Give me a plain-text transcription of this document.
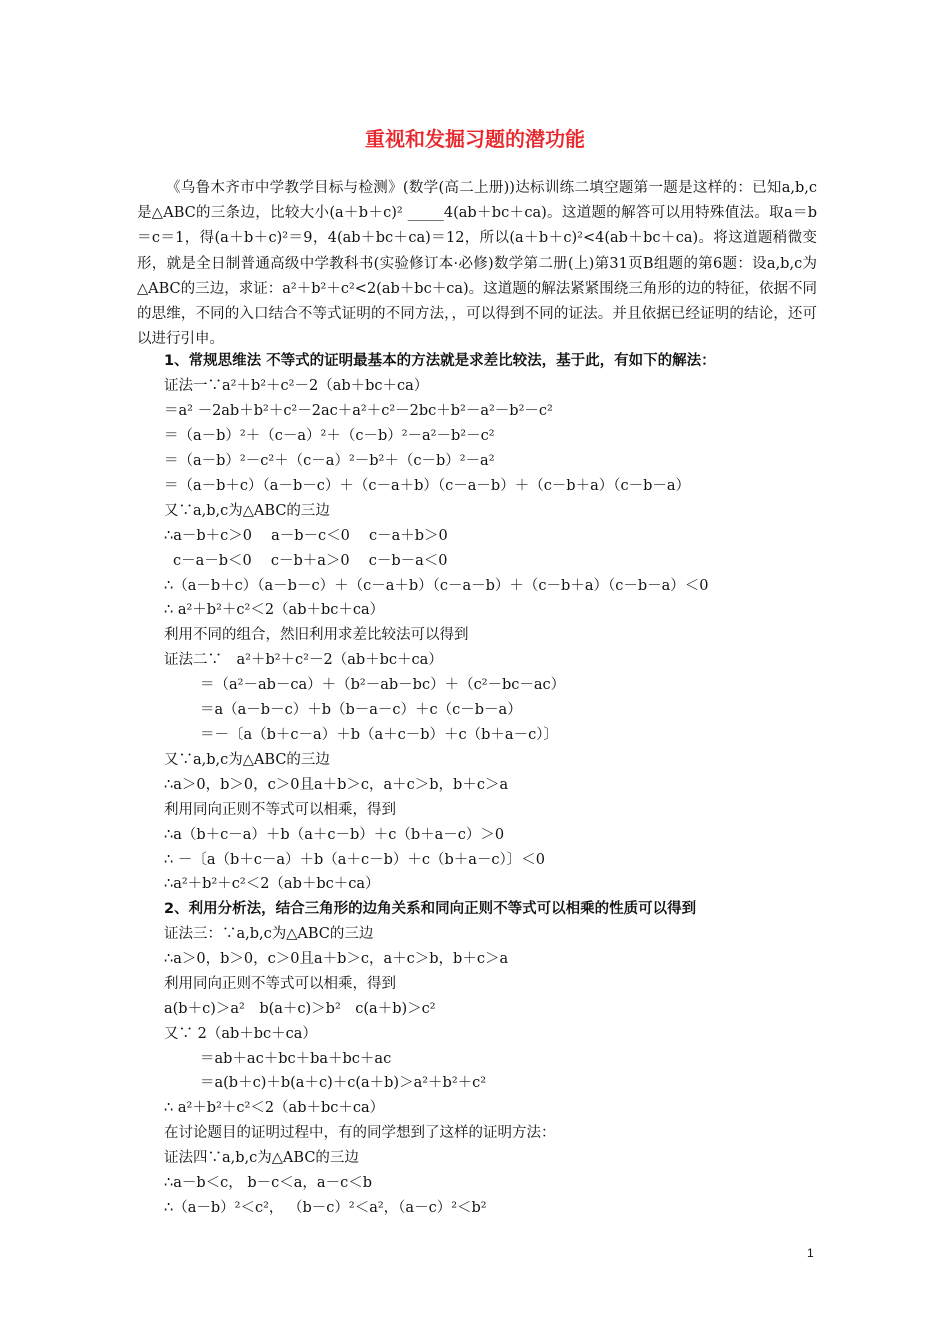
重视和发掘习题的潜功能

《乌鲁木齐市中学教学目标与检测》(数学(高二上册))达标训练二填空题第一题是这样的：已知a,b,c是△ABC的三条边，比较大小(a＋b＋c)² _____4(ab＋bc＋ca)。这道题的解答可以用特殊值法。取a＝b＝c＝1，得(a＋b＋c)²＝9，4(ab＋bc＋ca)＝12，所以(a＋b＋c)²<4(ab＋bc＋ca)。将这道题稍微变形，就是全日制普通高级中学教科书(实验修订本·必修)数学第二册(上)第31页B组题的第6题：设a,b,c为△ABC的三边，求证：a²＋b²＋c²<2(ab＋bc＋ca)。这道题的解法紧紧围绕三角形的边的特征，依据不同的思维，不同的入口结合不等式证明的不同方法，，可以得到不同的证法。并且依据已经证明的结论，还可以进行引申。

1、常规思维法 不等式的证明最基本的方法就是求差比较法，基于此，有如下的解法：
证法一∵a²＋b²＋c²－2（ab＋bc＋ca）
＝a² －2ab＋b²＋c²－2ac＋a²＋c²－2bc＋b²－a²－b²－c²
＝（a－b）²＋（c－a）²＋（c－b）²－a²－b²－c²
＝（a－b）²－c²＋（c－a）²－b²＋（c－b）²－a²
＝（a－b＋c）（a－b－c）＋（c－a＋b）（c－a－b）＋（c－b＋a）（c－b－a）
又∵a,b,c为△ABC的三边
∴a－b＋c＞0　 a－b－c＜0　 c－a＋b＞0
c－a－b＜0　 c－b＋a＞0　 c－b－a＜0
∴（a－b＋c）（a－b－c）＋（c－a＋b）（c－a－b）＋（c－b＋a）（c－b－a）＜0
∴ a²＋b²＋c²＜2（ab＋bc＋ca）
利用不同的组合，然旧利用求差比较法可以得到
证法二∵　a²＋b²＋c²－2（ab＋bc＋ca）
＝（a²－ab－ca）＋（b²－ab－bc）＋（c²－bc－ac）
＝a（a－b－c）＋b（b－a－c）＋c（c－b－a）
＝－〔a（b＋c－a）＋b（a＋c－b）＋c（b＋a－c）〕
又∵a,b,c为△ABC的三边
∴a＞0，b＞0，c＞0且a＋b＞c，a＋c＞b，b＋c＞a
利用同向正则不等式可以相乘，得到
∴a（b＋c－a）＋b（a＋c－b）＋c（b＋a－c）＞0
∴ －〔a（b＋c－a）＋b（a＋c－b）＋c（b＋a－c）〕＜0
∴a²＋b²＋c²＜2（ab＋bc＋ca）
2、利用分析法，结合三角形的边角关系和同向正则不等式可以相乘的性质可以得到
证法三：∵a,b,c为△ABC的三边
∴a＞0，b＞0，c＞0且a＋b＞c，a＋c＞b，b＋c＞a
利用同向正则不等式可以相乘，得到
a(b＋c)＞a²　b(a＋c)＞b²　c(a＋b)＞c²
又∵ 2（ab＋bc＋ca）
＝ab＋ac＋bc＋ba＋bc＋ac
＝a(b＋c)＋b(a＋c)＋c(a＋b)＞a²＋b²＋c²
∴ a²＋b²＋c²＜2（ab＋bc＋ca）
在讨论题目的证明过程中，有的同学想到了这样的证明方法：
证法四∵a,b,c为△ABC的三边
∴a－b＜c， b－c＜a，a－c＜b
∴（a－b）²＜c²， （b－c）²＜a²，（a－c）²＜b²
1
